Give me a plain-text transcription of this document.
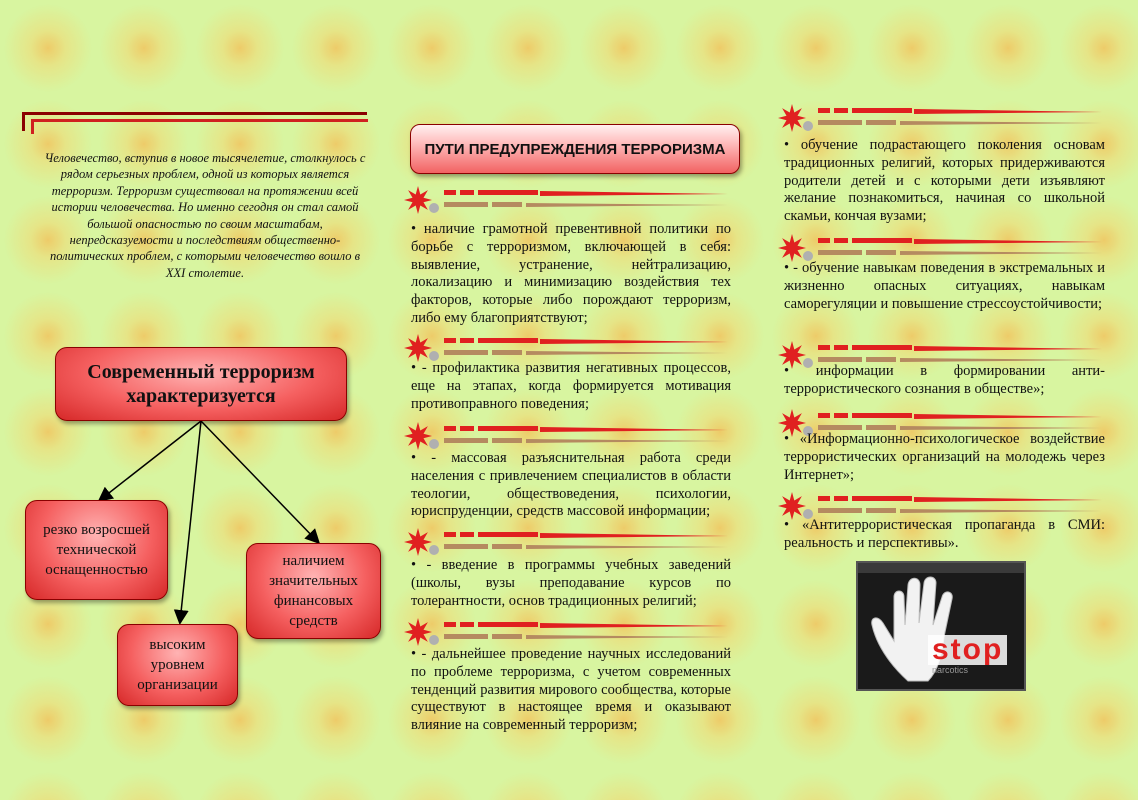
Человечество, вступив в новое тысячелетие, столкнулось с рядом серьезных проблем, одной из которых является терроризм. Терроризм существовал на протяжении всей истории человечества. Но именно сегодня он стал самой большой опасностью по своим масштабам, непредсказуемости и последствиям общественно-политических проблем, с которыми человечество вошло в XXI столетие.
Современный терроризм характеризуется
резко возросшей технической оснащенностью
высоким уровнем организации
наличием значительных финансовых средств
ПУТИ ПРЕДУПРЕЖДЕНИЯ ТЕРРОРИЗМА
• наличие грамотной превентивной политики по борьбе с терроризмом, включающей в себя: выявление, устранение, нейтрализацию, локализацию и минимизацию воздействия тех факторов, которые либо порождают терроризм, либо ему благоприятствуют;
• - профилактика развития негативных процессов, еще на этапах, когда формируется мотивация противоправного поведения;
• - массовая разъяснительная работа среди населения с привлечением специалистов в области теологии, обществоведения, психологии, юриспруденции, средств массовой информации;
• - введение в программы учебных заведений (школы, вузы преподавание курсов по толерантности, основ традиционных религий;
• - дальнейшее проведение научных исследований по проблеме терроризма, с учетом современных тенденций развития мирового сообщества, которые существуют в настоящее время и оказывают влияние на современный терроризм;
• обучение подрастающего поколения основам традиционных религий, которых придерживаются родители детей и с которыми дети изъявляют желание познакомиться, начиная со школьной скамьи, кончая вузами;
• - обучение навыкам поведения в экстремальных и жизненно опасных ситуациях, навыкам саморегуляции и повышение стрессоустойчивости;
• информации в формировании анти-террористического сознания в обществе»;
• «Информационно-психологическое воздействие террористических организаций на молодежь через Интернет»;
• «Антитеррористическая пропаганда в СМИ: реальность и перспективы».
stop
narcotics
